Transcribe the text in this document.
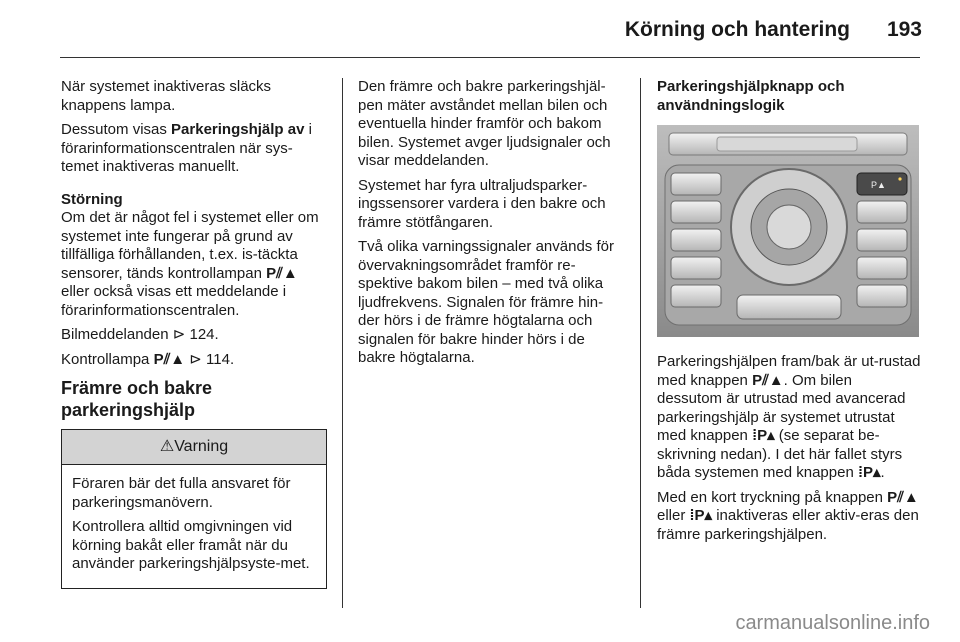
Körning och hantering	193

När systemet inaktiveras släcks knappens lampa.

Dessutom visas Parkeringshjälp av i förarinformationscentralen när sys-temet inaktiveras manuellt.

Störning
Om det är något fel i systemet eller om systemet inte fungerar på grund av tillfälliga förhållanden, t.ex. is-täckta sensorer, tänds kontrollampan P⫽▲ eller också visas ett meddelande i förarinformationscentralen.

Bilmeddelanden ⊳ 124.

Kontrollampa P⫽▲ ⊳ 114.

Främre och bakre parkeringshjälp
⚠Varning

Föraren bär det fulla ansvaret för parkeringsmanövern.

Kontrollera alltid omgivningen vid körning bakåt eller framåt när du använder parkeringshjälpsyste-met.

Den främre och bakre parkeringshjäl-pen mäter avståndet mellan bilen och eventuella hinder framför och bakom bilen. Systemet avger ljudsignaler och visar meddelanden.

Systemet har fyra ultraljudsparker-ingssensorer vardera i den bakre och främre stötfångaren.

Två olika varningssignaler används för övervakningsområdet framför re-spektive bakom bilen – med två olika ljudfrekvens. Signalen för främre hin-der hörs i de främre högtalarna och signalen för bakre hinder hörs i de bakre högtalarna.

Parkeringshjälpknapp och användningslogik

P▲

Parkeringshjälpen fram/bak är ut-rustad med knappen P⫽▲. Om bilen dessutom är utrustad med avancerad parkeringshjälp är systemet utrustat med knappen ⁞P▴ (se separat be-skrivning nedan). I det här fallet styrs båda systemen med knappen ⁞P▴.

Med en kort tryckning på knappen P⫽▲ eller ⁞P▴ inaktiveras eller aktiv-eras den främre parkeringshjälpen.

carmanualsonline.info
